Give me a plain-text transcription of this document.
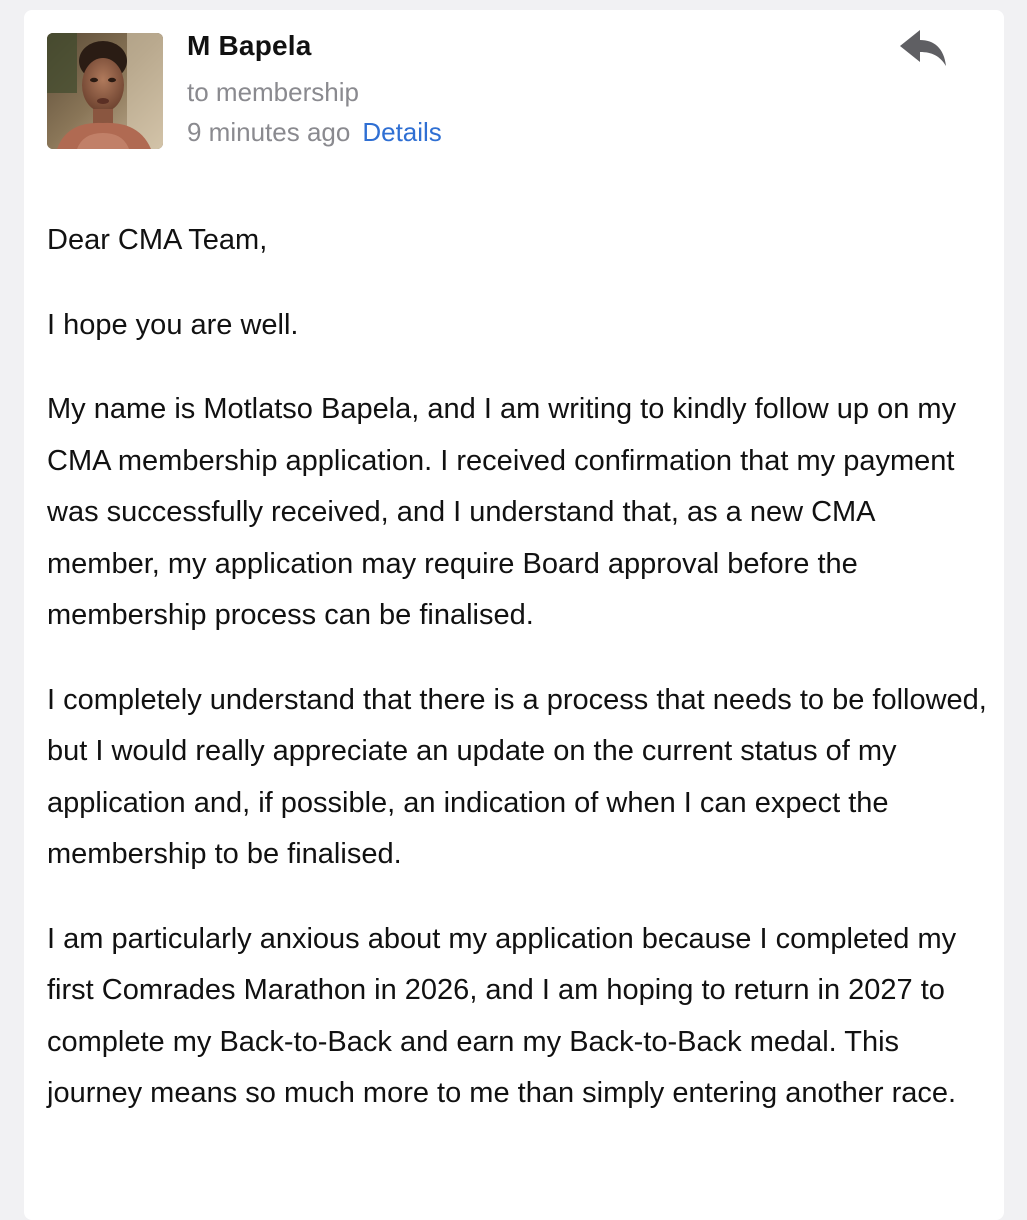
M Bapela
to membership
9 minutes ago Details

Dear CMA Team,

I hope you are well.

My name is Motlatso Bapela, and I am writing to kindly follow up on my CMA membership application. I received confirmation that my payment was successfully received, and I understand that, as a new CMA member, my application may require Board approval before the membership process can be finalised.

I completely understand that there is a process that needs to be followed, but I would really appreciate an update on the current status of my application and, if possible, an indication of when I can expect the membership to be finalised.

I am particularly anxious about my application because I completed my first Comrades Marathon in 2026, and I am hoping to return in 2027 to complete my Back-to-Back and earn my Back-to-Back medal. This journey means so much more to me than simply entering another race.
